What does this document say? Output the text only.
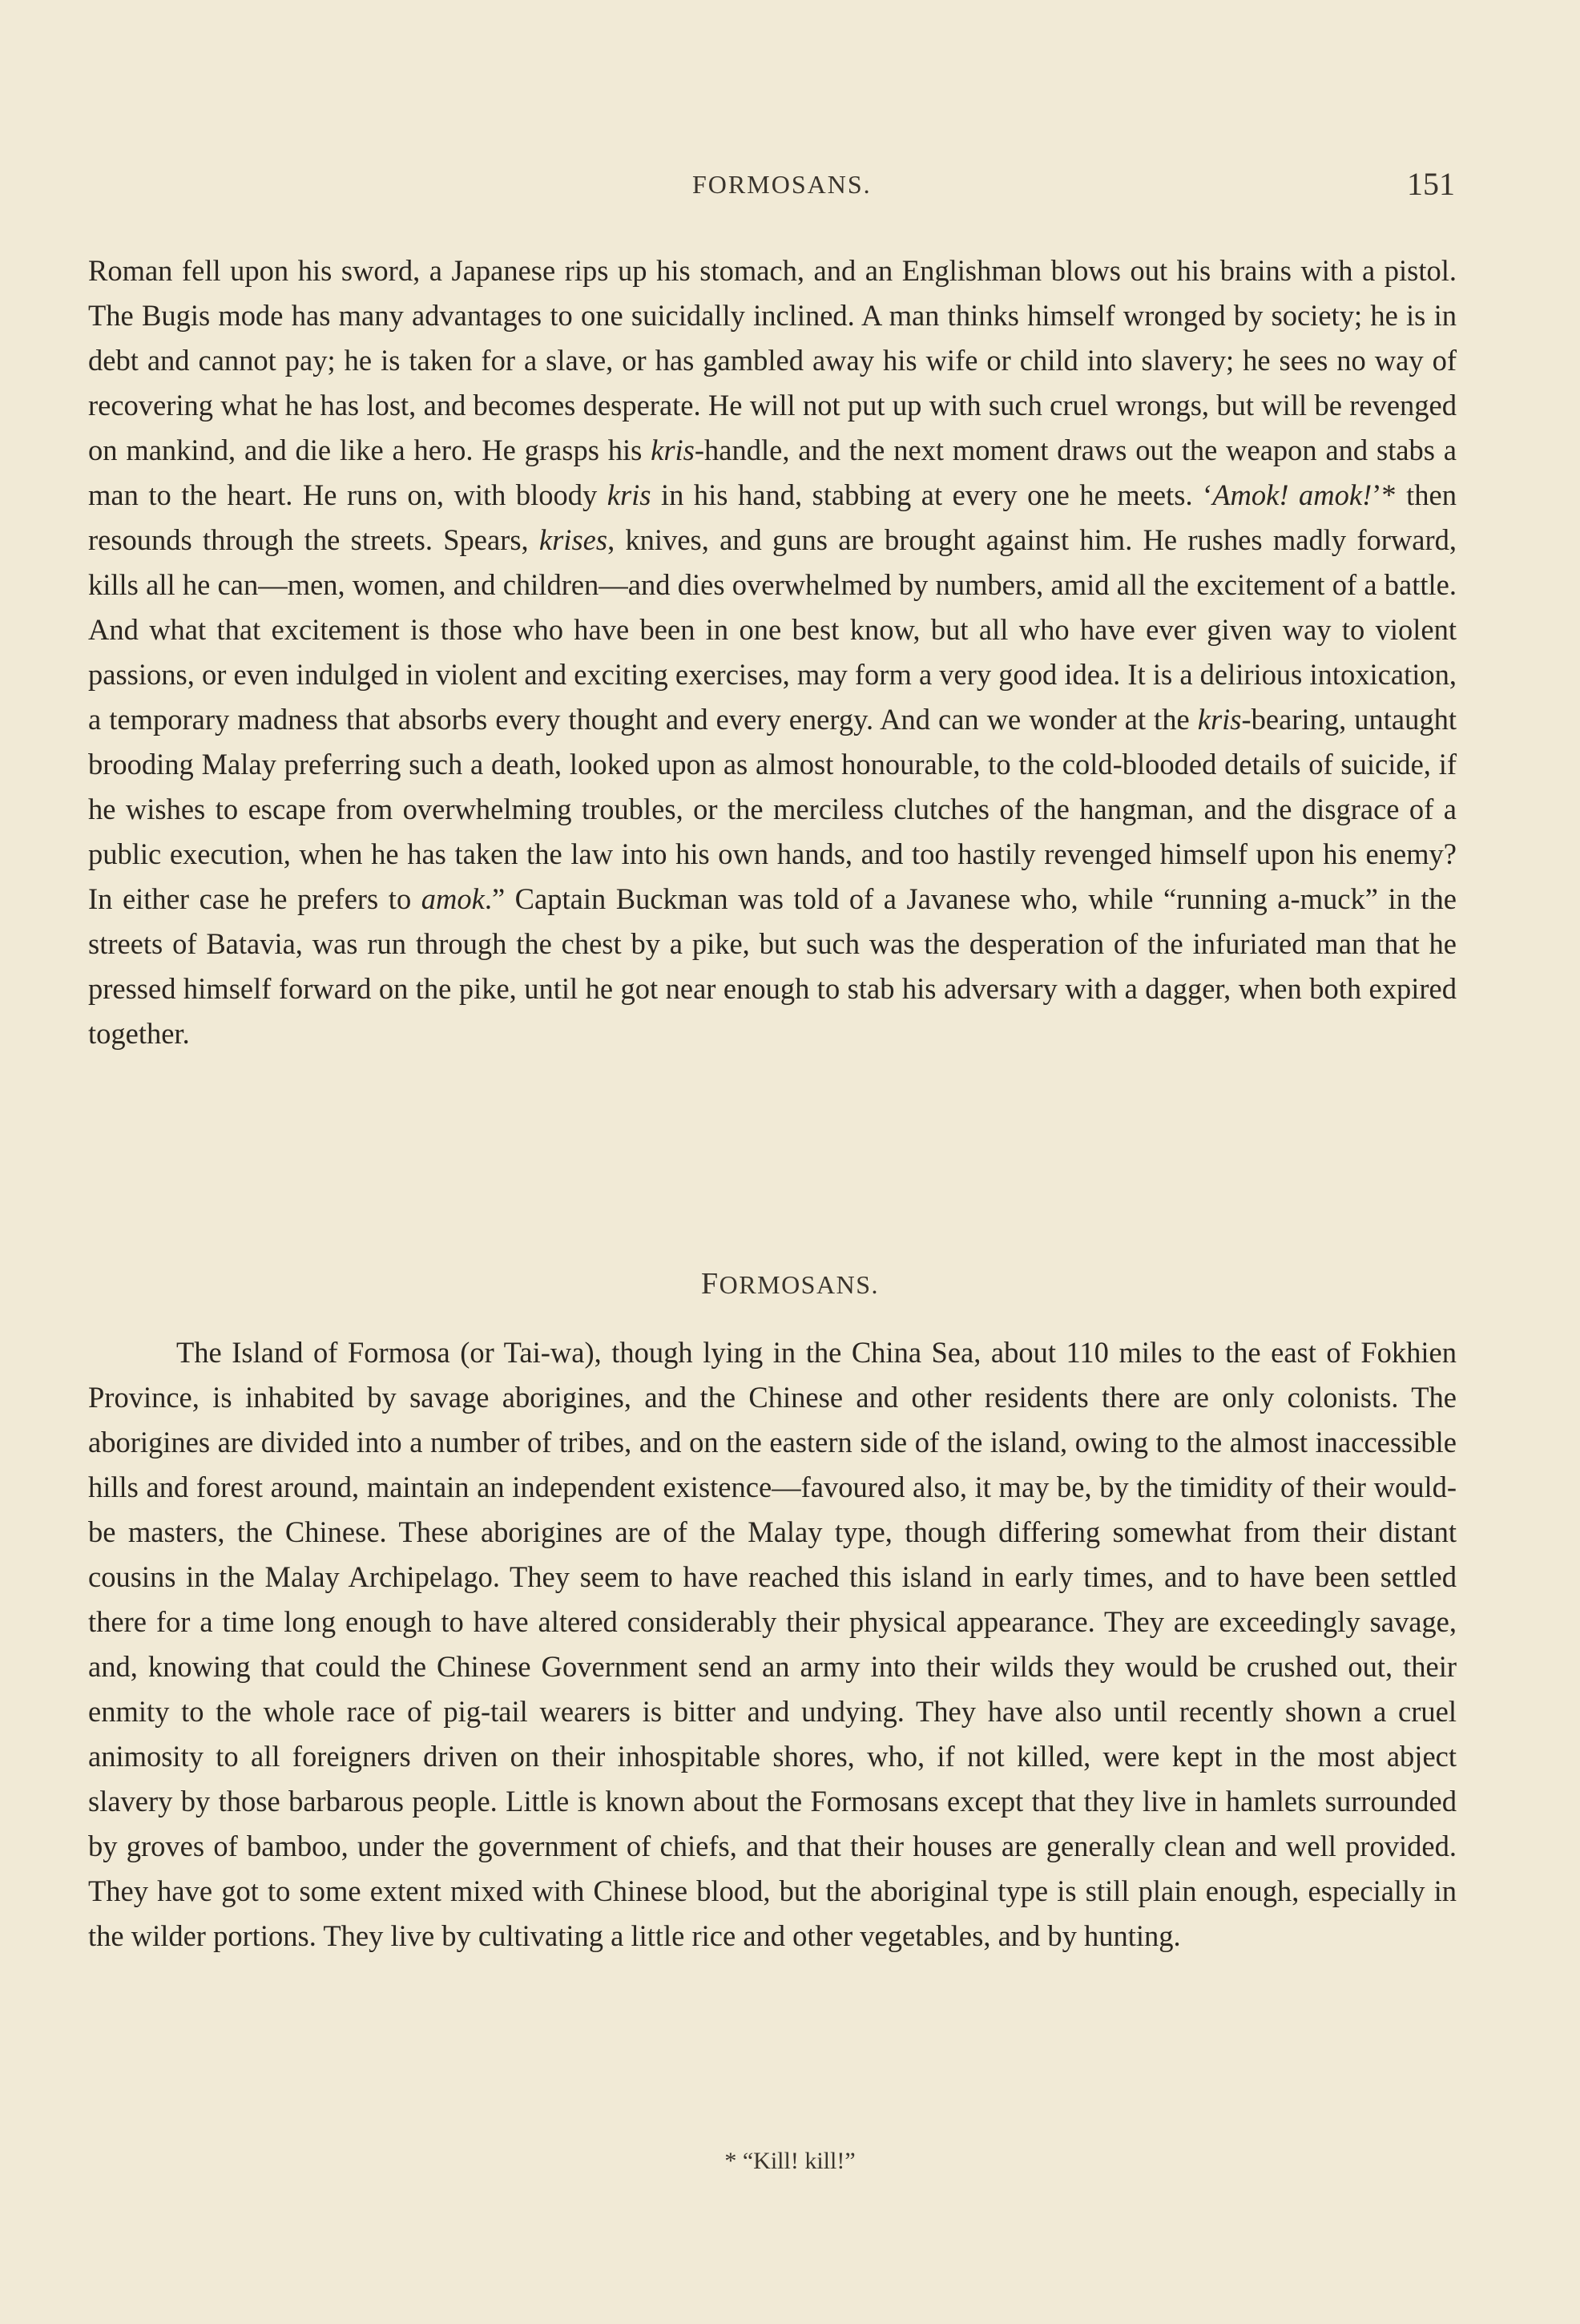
FORMOSANS.	151

Roman fell upon his sword, a Japanese rips up his stomach, and an Englishman blows out his brains with a pistol. The Bugis mode has many advantages to one suicidally inclined. A man thinks himself wronged by society; he is in debt and cannot pay; he is taken for a slave, or has gambled away his wife or child into slavery; he sees no way of recovering what he has lost, and becomes desperate. He will not put up with such cruel wrongs, but will be revenged on mankind, and die like a hero. He grasps his kris-handle, and the next moment draws out the weapon and stabs a man to the heart. He runs on, with bloody kris in his hand, stabbing at every one he meets. ‘Amok! amok!’* then resounds through the streets. Spears, krises, knives, and guns are brought against him. He rushes madly forward, kills all he can—men, women, and children—and dies overwhelmed by numbers, amid all the excitement of a battle. And what that excitement is those who have been in one best know, but all who have ever given way to violent passions, or even indulged in violent and exciting exercises, may form a very good idea. It is a delirious intoxication, a temporary madness that absorbs every thought and every energy. And can we wonder at the kris-bearing, untaught brooding Malay preferring such a death, looked upon as almost honourable, to the cold-blooded details of suicide, if he wishes to escape from overwhelming troubles, or the merciless clutches of the hangman, and the disgrace of a public execution, when he has taken the law into his own hands, and too hastily revenged himself upon his enemy? In either case he prefers to amok.” Captain Buckman was told of a Javanese who, while “running a-muck” in the streets of Batavia, was run through the chest by a pike, but such was the desperation of the infuriated man that he pressed himself forward on the pike, until he got near enough to stab his adversary with a dagger, when both expired together.

FORMOSANS.

The Island of Formosa (or Tai-wa), though lying in the China Sea, about 110 miles to the east of Fokhien Province, is inhabited by savage aborigines, and the Chinese and other residents there are only colonists. The aborigines are divided into a number of tribes, and on the eastern side of the island, owing to the almost inaccessible hills and forest around, maintain an independent existence—favoured also, it may be, by the timidity of their would-be masters, the Chinese. These aborigines are of the Malay type, though differing somewhat from their distant cousins in the Malay Archipelago. They seem to have reached this island in early times, and to have been settled there for a time long enough to have altered considerably their physical appearance. They are exceedingly savage, and, knowing that could the Chinese Government send an army into their wilds they would be crushed out, their enmity to the whole race of pig-tail wearers is bitter and undying. They have also until recently shown a cruel animosity to all foreigners driven on their inhospitable shores, who, if not killed, were kept in the most abject slavery by those barbarous people. Little is known about the Formosans except that they live in hamlets surrounded by groves of bamboo, under the government of chiefs, and that their houses are generally clean and well provided. They have got to some extent mixed with Chinese blood, but the aboriginal type is still plain enough, especially in the wilder portions. They live by cultivating a little rice and other vegetables, and by hunting.

* “Kill! kill!”
